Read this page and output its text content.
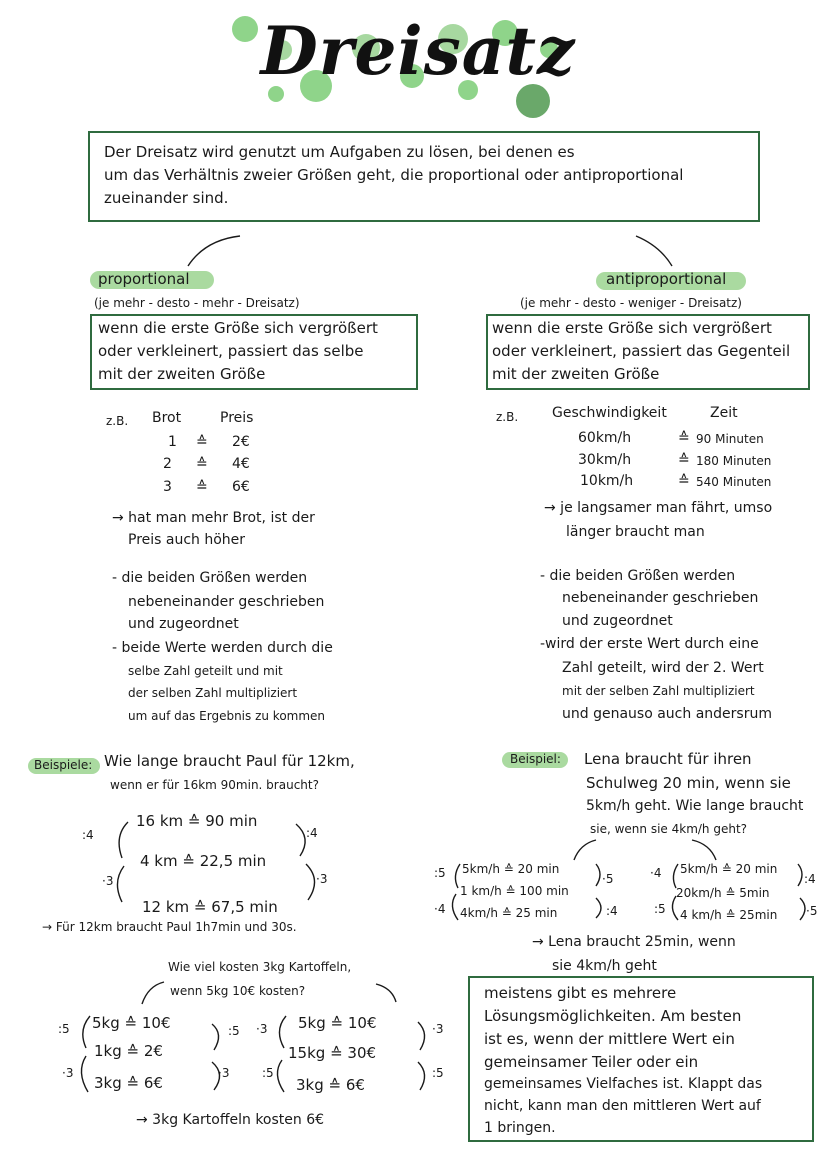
Dreisatz
Der Dreisatz wird genutzt um Aufgaben zu lösen, bei denen es
um das Verhältnis zweier Größen geht, die proportional oder antiproportional
zueinander sind.
proportional
(je mehr - desto - mehr - Dreisatz)
wenn die erste Größe sich vergrößert
oder verkleinert, passiert das selbe
mit der zweiten Größe
z.B. Brot	Preis
1 ≙ 2€
2 ≙ 4€
3 ≙ 6€
→ hat man mehr Brot, ist der
Preis auch höher
- die beiden Größen werden
nebeneinander geschrieben
und zugeordnet
- beide Werte werden durch die
selbe Zahl geteilt und mit
der selben Zahl multipliziert
um auf das Ergebnis zu kommen
Beispiele: Wie lange braucht Paul für 12km,
wenn er für 16km 90min. braucht?
:4
·3
:4
·3
16 km ≙ 90 min
4 km ≙ 22,5 min
12 km ≙ 67,5 min
→ Für 12km braucht Paul 1h7min und 30s.
Wie viel kosten 3kg Kartoffeln,
wenn 5kg 10€ kosten?
:5
·3
:5
·3
5kg ≙ 10€
1kg ≙ 2€
3kg ≙ 6€
·3
:5
·3
:5
5kg ≙ 10€
15kg ≙ 30€
3kg ≙ 6€
→ 3kg Kartoffeln kosten 6€
antiproportional
(je mehr - desto - weniger - Dreisatz)
wenn die erste Größe sich vergrößert
oder verkleinert, passiert das Gegenteil
mit der zweiten Größe
z.B. Geschwindigkeit	Zeit
60km/h	≙ 90 Minuten
30km/h	≙ 180 Minuten
10km/h	≙ 540 Minuten
→ je langsamer man fährt, umso
länger braucht man
- die beiden Größen werden
nebeneinander geschrieben
und zugeordnet
-wird der erste Wert durch eine
Zahl geteilt, wird der 2. Wert
mit der selben Zahl multipliziert
und genauso auch andersrum
Beispiel: Lena braucht für ihren
Schulweg 20 min, wenn sie
5km/h geht. Wie lange braucht
sie, wenn sie 4km/h geht?
:5
·4
·5
:4
5km/h ≙ 20 min
1 km/h ≙ 100 min
4km/h ≙ 25 min
·4
:5
:4
·5
5km/h ≙ 20 min
20km/h ≙ 5min
4 km/h ≙ 25min
→ Lena braucht 25min, wenn
sie 4km/h geht
meistens gibt es mehrere
Lösungsmöglichkeiten. Am besten
ist es, wenn der mittlere Wert ein
gemeinsamer Teiler oder ein
gemeinsames Vielfaches ist. Klappt das
nicht, kann man den mittleren Wert auf
1 bringen.
